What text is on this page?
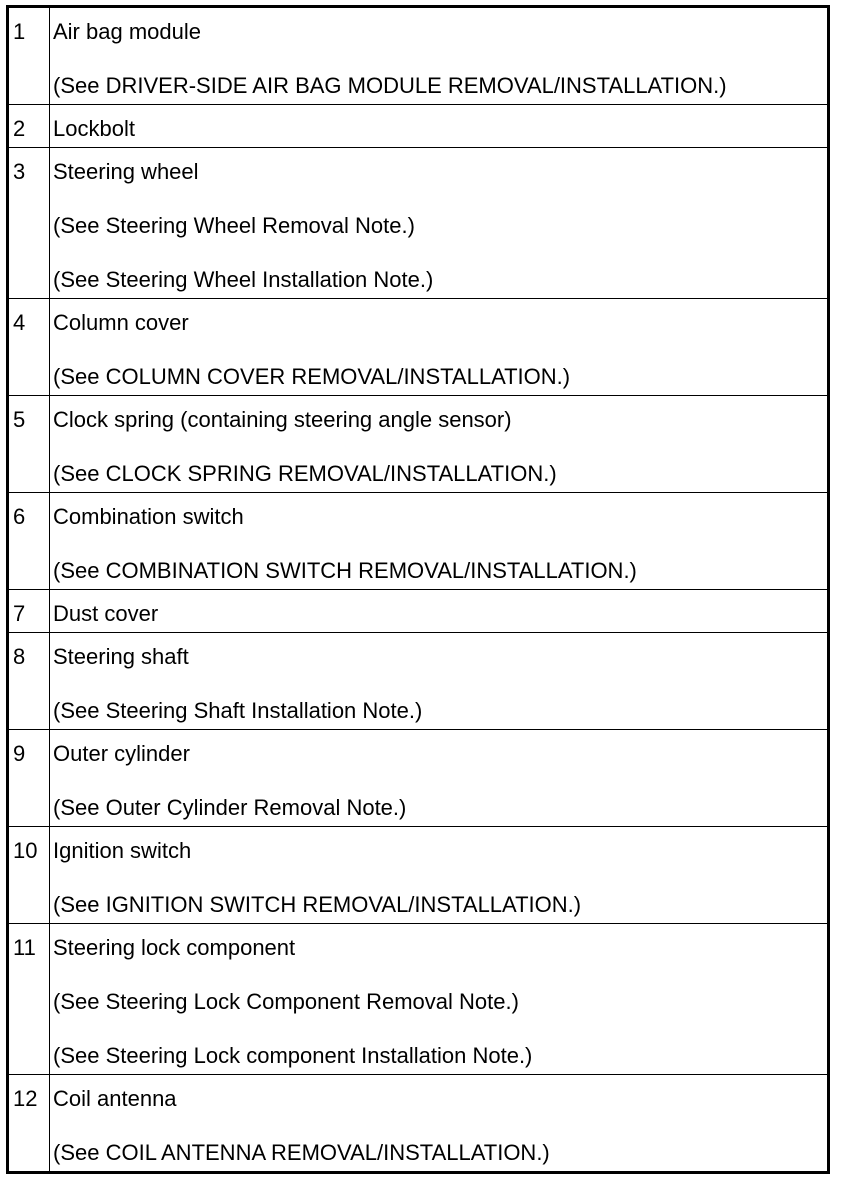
1	Air bag module
(See DRIVER-SIDE AIR BAG MODULE REMOVAL/INSTALLATION.)

2	Lockbolt

3	Steering wheel
(See Steering Wheel Removal Note.)
(See Steering Wheel Installation Note.)

4	Column cover
(See COLUMN COVER REMOVAL/INSTALLATION.)

5	Clock spring (containing steering angle sensor)
(See CLOCK SPRING REMOVAL/INSTALLATION.)

6	Combination switch
(See COMBINATION SWITCH REMOVAL/INSTALLATION.)

7	Dust cover

8	Steering shaft
(See Steering Shaft Installation Note.)

9	Outer cylinder
(See Outer Cylinder Removal Note.)

10	Ignition switch
(See IGNITION SWITCH REMOVAL/INSTALLATION.)

11	Steering lock component
(See Steering Lock Component Removal Note.)
(See Steering Lock component Installation Note.)

12	Coil antenna
(See COIL ANTENNA REMOVAL/INSTALLATION.)
